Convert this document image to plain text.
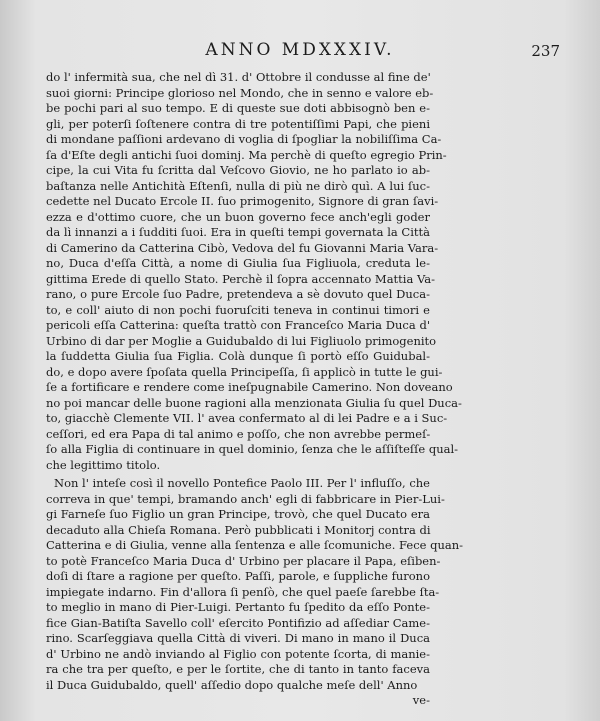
ANNO MDXXXIV.	237
do l' infermità sua, che nel dì 31. d' Ottobre il condusse al fine de'
suoi giorni: Principe glorioso nel Mondo, che in senno e valore eb-
be pochi pari al suo tempo. E di queste sue doti abbisognò ben e-
gli, per poterſi ſoſtenere contra di tre potentiſſimi Papi, che pieni
di mondane paſſioni ardevano di voglia di ſpogliar la nobiliſſima Ca-
ſa d'Eſte degli antichi ſuoi dominj. Ma perchè di queſto egregio Prin-
cipe, la cui Vita fu ſcritta dal Veſcovo Giovio, ne ho parlato io ab-
baſtanza nelle Antichità Eſtenſi, nulla di più ne dirò quì. A lui ſuc-
cedette nel Ducato Ercole II. ſuo primogenito, Signore di gran ſavi-
ezza e d'ottimo cuore, che un buon governo fece anch'egli goder
da lì innanzi a i ſudditi ſuoi. Era in queſti tempi governata la Città
di Camerino da Catterina Cibò, Vedova del fu Giovanni Maria Vara-
no, Duca d'eſſa Città, a nome di Giulia ſua Figliuola, creduta le-
gittima Erede di quello Stato. Perchè il ſopra accennato Mattia Va-
rano, o pure Ercole ſuo Padre, pretendeva a sè dovuto quel Duca-
to, e coll' aiuto di non pochi fuoruſciti teneva in continui timori e
pericoli eſſa Catterina: queſta trattò con Franceſco Maria Duca d'
Urbino di dar per Moglie a Guidubaldo di lui Figliuolo primogenito
la ſuddetta Giulia ſua Figlia. Colà dunque ſi portò eſſo Guidubal-
do, e dopo avere ſpoſata quella Principeſſa, ſi applicò in tutte le gui-
ſe a fortificare e rendere come ineſpugnabile Camerino. Non doveano
no poi mancar delle buone ragioni alla menzionata Giulia ſu quel Duca-
to, giacchè Clemente VII. l' avea confermato al di lei Padre e a i Suc-
ceſſori, ed era Papa di tal animo e poſſo, che non avrebbe permeſ-
ſo alla Figlia di continuare in quel dominio, ſenza che le aſſiſteſſe qual-
che legittimo titolo.
Non l' inteſe così il novello Pontefice Paolo III. Per l' influſſo, che
correva in que' tempi, bramando anch' egli di fabbricare in Pier-Lui-
gi Farneſe ſuo Figlio un gran Principe, trovò, che quel Ducato era
decaduto alla Chieſa Romana. Però pubblicati i Monitorj contra di
Catterina e di Giulia, venne alla ſentenza e alle ſcomuniche. Fece quan-
to potè Franceſco Maria Duca d' Urbino per placare il Papa, eſiben-
doſi di ſtare a ragione per queſto. Paſſi, parole, e ſuppliche furono
impiegate indarno. Fin d'allora ſi penſò, che quel paeſe ſarebbe ſta-
to meglio in mano di Pier-Luigi. Pertanto fu ſpedito da eſſo Ponte-
fice Gian-Batiſta Savello coll' eſercito Pontifizio ad aſſediar Came-
rino. Scarſeggiava quella Città di viveri. Di mano in mano il Duca
d' Urbino ne andò inviando al Figlio con potente ſcorta, di manie-
ra che tra per queſto, e per le ſortite, che di tanto in tanto faceva
il Duca Guidubaldo, quell' aſſedio dopo qualche meſe dell' Anno
ve-
